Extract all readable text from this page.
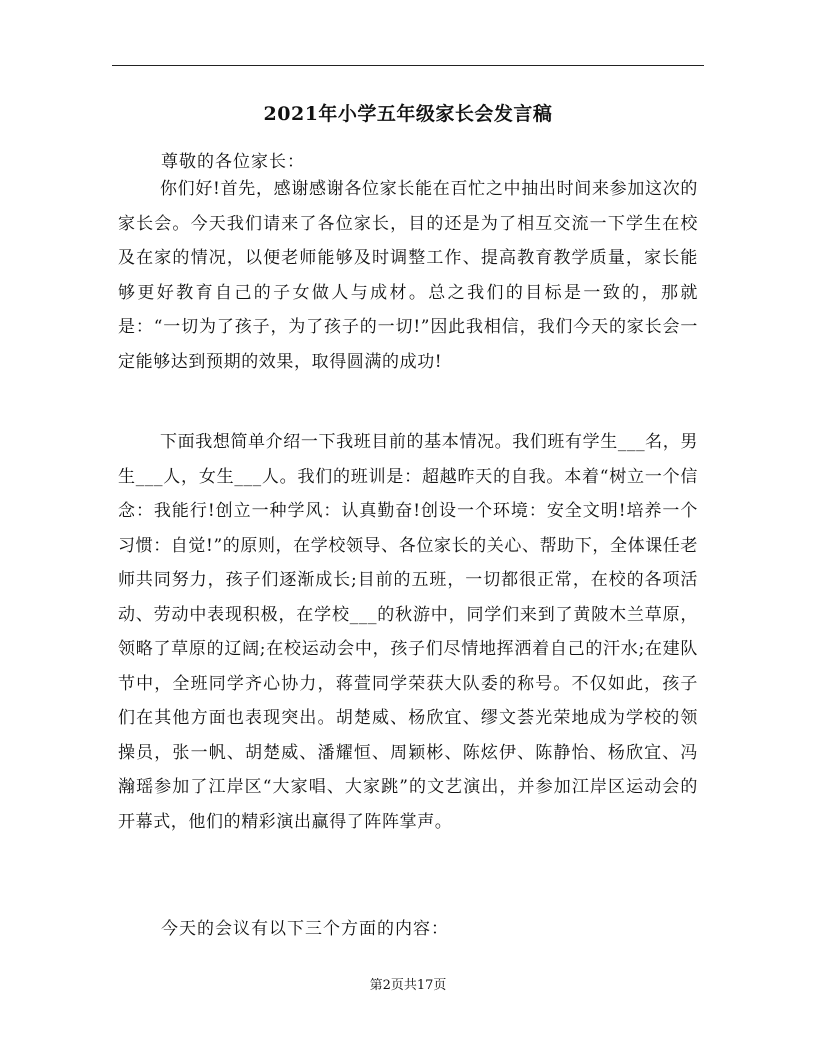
2021年小学五年级家长会发言稿
尊敬的各位家长：

你们好!首先，感谢感谢各位家长能在百忙之中抽出时间来参加这次的家长会。今天我们请来了各位家长，目的还是为了相互交流一下学生在校及在家的情况，以便老师能够及时调整工作、提高教育教学质量，家长能够更好教育自己的子女做人与成材。总之我们的目标是一致的，那就是：“一切为了孩子，为了孩子的一切!”因此我相信，我们今天的家长会一定能够达到预期的效果，取得圆满的成功!

下面我想简单介绍一下我班目前的基本情况。我们班有学生___名，男生___人，女生___人。我们的班训是：超越昨天的自我。本着“树立一个信念：我能行!创立一种学风：认真勤奋!创设一个环境：安全文明!培养一个习惯：自觉!”的原则，在学校领导、各位家长的关心、帮助下，全体课任老师共同努力，孩子们逐渐成长;目前的五班，一切都很正常，在校的各项活动、劳动中表现积极，在学校___的秋游中，同学们来到了黄陂木兰草原，领略了草原的辽阔;在校运动会中，孩子们尽情地挥洒着自己的汗水;在建队节中，全班同学齐心协力，蒋萱同学荣获大队委的称号。不仅如此，孩子们在其他方面也表现突出。胡楚威、杨欣宜、缪文荟光荣地成为学校的领操员，张一帆、胡楚威、潘耀恒、周颖彬、陈炫伊、陈静怡、杨欣宜、冯瀚瑶参加了江岸区“大家唱、大家跳”的文艺演出，并参加江岸区运动会的开幕式，他们的精彩演出赢得了阵阵掌声。

今天的会议有以下三个方面的内容：
第2页共17页
